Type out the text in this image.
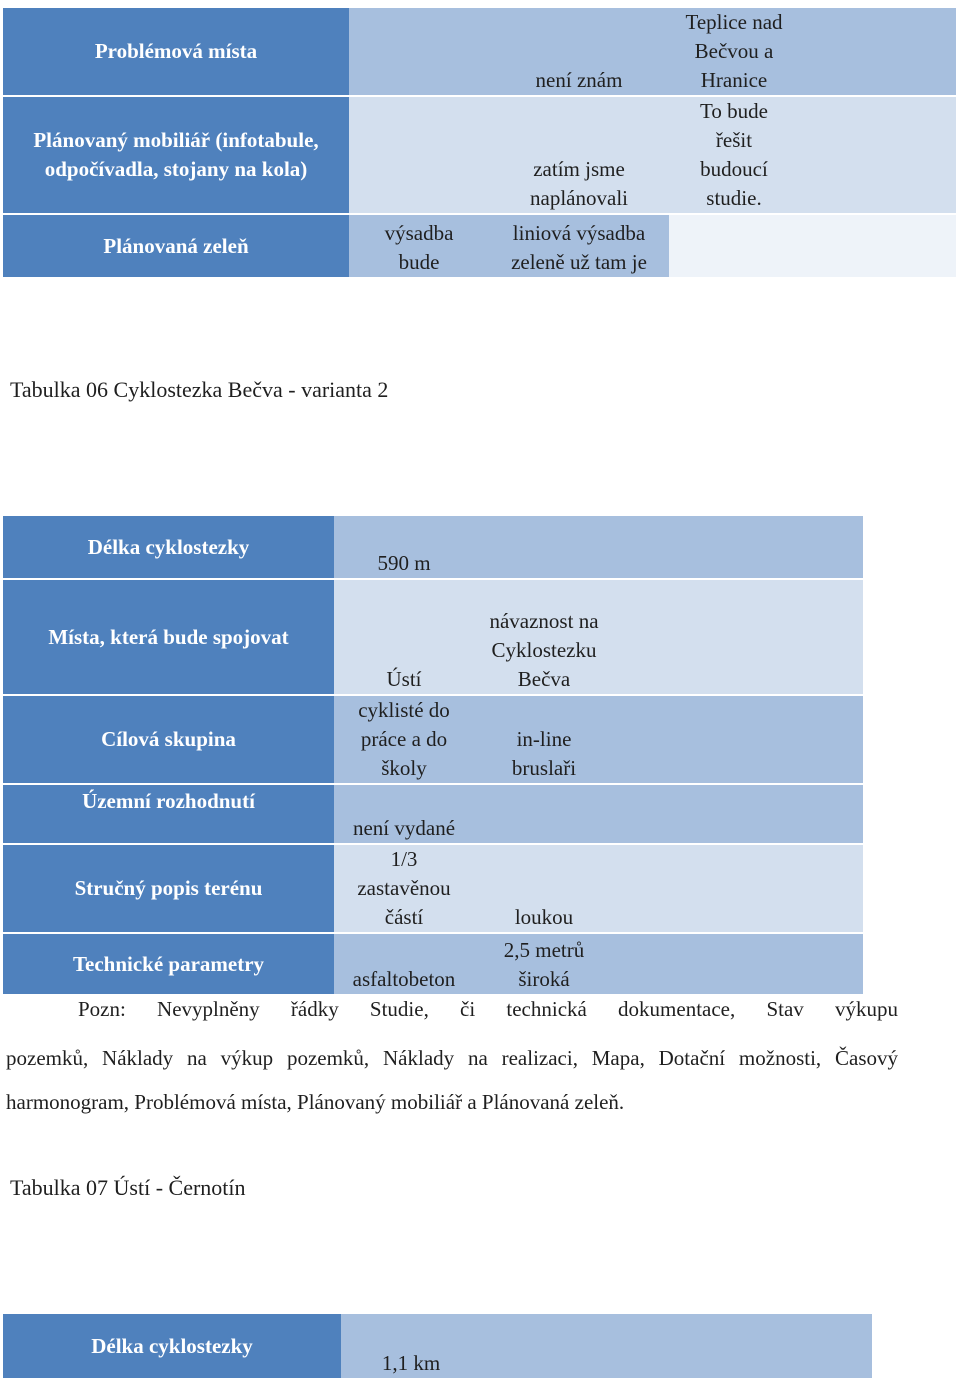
Problémová místa		není znám	Teplice nad Bečvou a Hranice	
Plánovaný mobiliář (infotabule, odpočívadla, stojany na kola)		zatím jsme naplánovali	To bude řešit budoucí studie.	
Plánovaná zeleň	výsadba bude	liniová výsadba zeleně už tam je		
Tabulka 06 Cyklostezka Bečva - varianta 2
Délka cyklostezky	590 m			
Místa, která bude spojovat	Ústí	návaznost na Cyklostezku Bečva		
Cílová skupina	cyklisté do práce a do školy	in-line bruslaři		
Územní rozhodnutí	není vydané			
Stručný popis terénu	1/3 zastavěnou částí	loukou		
Technické parametry	asfaltobeton	2,5 metrů široká		
Pozn: Nevyplněny řádky Studie, či technická dokumentace, Stav výkupu
pozemků, Náklady na výkup pozemků, Náklady na realizaci, Mapa, Dotační možnosti, Časový harmonogram, Problémová místa, Plánovaný mobiliář a Plánovaná zeleň.
Tabulka 07 Ústí - Černotín
Délka cyklostezky	1,1 km			
